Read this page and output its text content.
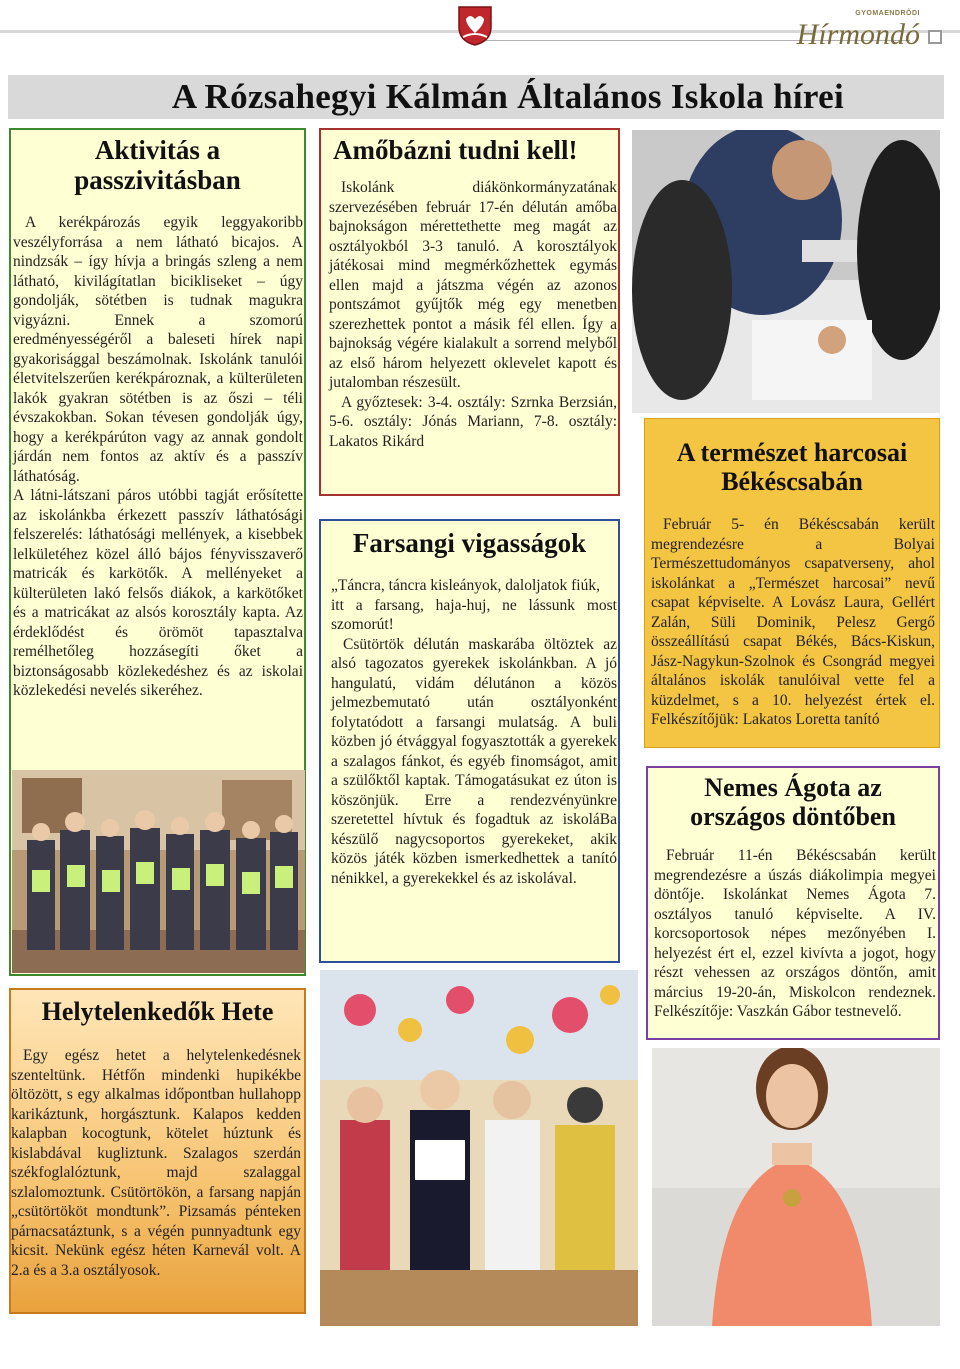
GYOMAENDRŐDI
Hírmondó
A Rózsahegyi Kálmán Általános Iskola hírei
Aktivitás a passzivitásban

A kerékpározás egyik leggyakoribb veszélyforrása a nem látható bicajos. A nindzsák – így hívja a bringás szleng a nem látható, kivilágítatlan bicikliseket – úgy gondolják, sötétben is tudnak magukra vigyázni. Ennek a szomorú eredményességéről a baleseti hírek napi gyakorisággal beszámolnak. Iskolánk tanulói életvitelszerűen kerékpároznak, a külterületen lakók gyakran sötétben is az őszi – téli évszakokban. Sokan tévesen gondolják úgy, hogy a kerékpárúton vagy az annak gondolt járdán nem fontos az aktív és a passzív láthatóság.

A látni-látszani páros utóbbi tagját erősítette az iskolánkba érkezett passzív láthatósági felszerelés: láthatósági mellények, a kisebbek lelkületéhez közel álló bájos fényvisszaverő matricák és karkötők. A mellényeket a külterületen lakó felsős diákok, a karkötőket és a matricákat az alsós korosztály kapta. Az érdeklődést és örömöt tapasztalva remélhetőleg hozzásegíti őket a biztonságosabb közlekedéshez és az iskolai közlekedési nevelés sikeréhez.

Helytelenkedők Hete

Egy egész hetet a helytelenkedésnek szenteltünk. Hétfőn mindenki hupikékbe öltözött, s egy alkalmas időpontban hullahopp karikáztunk, horgásztunk. Kalapos kedden kalapban kocogtunk, kötelet húztunk és kislabdával kugliztunk. Szalagos szerdán székfoglalóztunk, majd szalaggal szlalomoztunk. Csütörtökön, a farsang napján „csütörtököt mondtunk”. Pizsamás pénteken párnacsatáztunk, s a végén punnyadtunk egy kicsit. Nekünk egész héten Karnevál volt. A 2.a és a 3.a osztályosok.

Amőbázni tudni kell!

Iskolánk diákönkormányzatának szervezésében február 17-én délután amőba bajnokságon mérettethette meg magát az osztályokból 3-3 tanuló. A korosztályok játékosai mind megmérkőzhettek egymás ellen majd a játszma végén az azonos pontszámot gyűjtők még egy menetben szerezhettek pontot a másik fél ellen. Így a bajnokság végére kialakult a sorrend melyből az első három helyezett oklevelet kapott és jutalomban részesült.

A győztesek: 3-4. osztály: Szrnka Berzsián, 5-6. osztály: Jónás Mariann, 7-8. osztály: Lakatos Rikárd

Farsangi vigasságok

„Táncra, táncra kisleányok, daloljatok fiúk,

itt a farsang, haja-huj, ne lássunk most szomorút!

Csütörtök délután maskarába öltöztek az alsó tagozatos gyerekek iskolánkban. A jó hangulatú, vidám délutánon a közös jelmezbemutató után osztályonként folytatódott a farsangi mulatság. A buli közben jó étvággyal fogyasztották a gyerekek a szalagos fánkot, és egyéb finomságot, amit a szülőktől kaptak. Támogatásukat ez úton is köszönjük. Erre a rendezvényünkre szeretettel hívtuk és fogadtuk az iskoláBa készülő nagycsoportos gyerekeket, akik közös játék közben ismerkedhettek a tanító nénikkel, a gyerekekkel és az iskolával.

A természet harcosai Békéscsabán

Február 5- én Békéscsabán került megrendezésre a Bolyai Természettudományos csapatverseny, ahol iskolánkat a „Természet harcosai” nevű csapat képviselte. A Lovász Laura, Gellért Zalán, Süli Dominik, Pelesz Gergő összeállítású csapat Békés, Bács-Kiskun, Jász-Nagykun-Szolnok és Csongrád megyei általános iskolák tanulóival vette fel a küzdelmet, s a 10. helyezést értek el. Felkészítőjük: Lakatos Loretta tanító

Nemes Ágota az országos döntőben

Február 11-én Békéscsabán került megrendezésre a úszás diákolimpia megyei döntője. Iskolánkat Nemes Ágota 7. osztályos tanuló képviselte. A IV. korcsoportosok népes mezőnyében I. helyezést ért el, ezzel kivívta a jogot, hogy részt vehessen az országos döntőn, amit március 19-20-án, Miskolcon rendeznek. Felkészítője: Vaszkán Gábor testnevelő.
